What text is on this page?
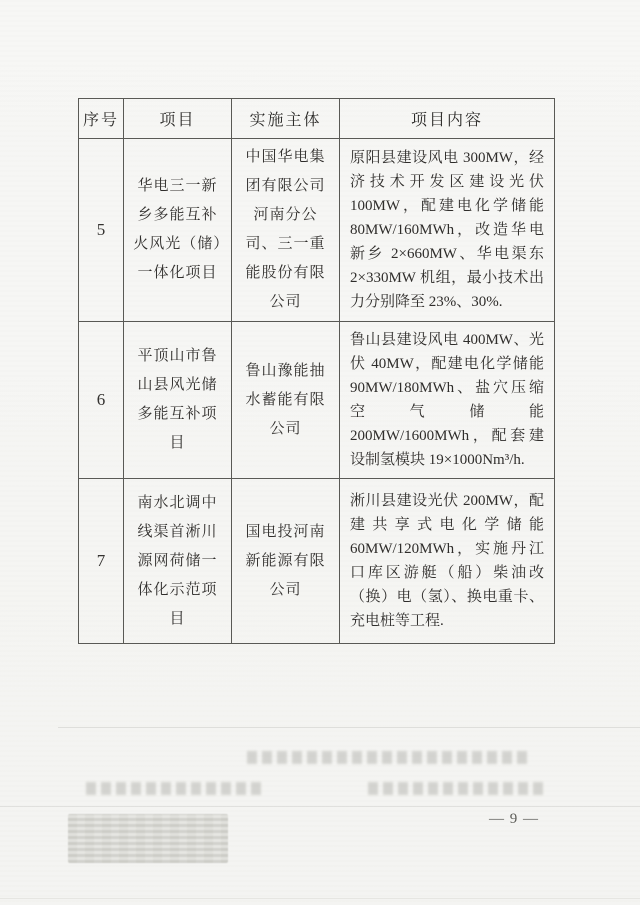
序号	项目	实施主体	项目内容
5	华电三一新乡多能互补火风光（储）一体化项目	中国华电集团有限公司河南分公司、三一重能股份有限公司	原阳县建设风电 300MW，经济技术开发区建设光伏 100MW，配建电化学储能 80MW/160MWh，改造华电新乡 2×660MW、华电渠东 2×330MW 机组，最小技术出力分别降至 23%、30%.
6	平顶山市鲁山县风光储多能互补项目	鲁山豫能抽水蓄能有限公司	鲁山县建设风电 400MW、光伏 40MW，配建电化学储能 90MW/180MWh、盐穴压缩空气储能 200MW/1600MWh，配套建设制氢模块 19×1000Nm³/h.
7	南水北调中线渠首淅川源网荷储一体化示范项目	国电投河南新能源有限公司	淅川县建设光伏 200MW，配建共享式电化学储能 60MW/120MWh，实施丹江口库区游艇（船）柴油改（换）电（氢）、换电重卡、充电桩等工程.
— 9 —
